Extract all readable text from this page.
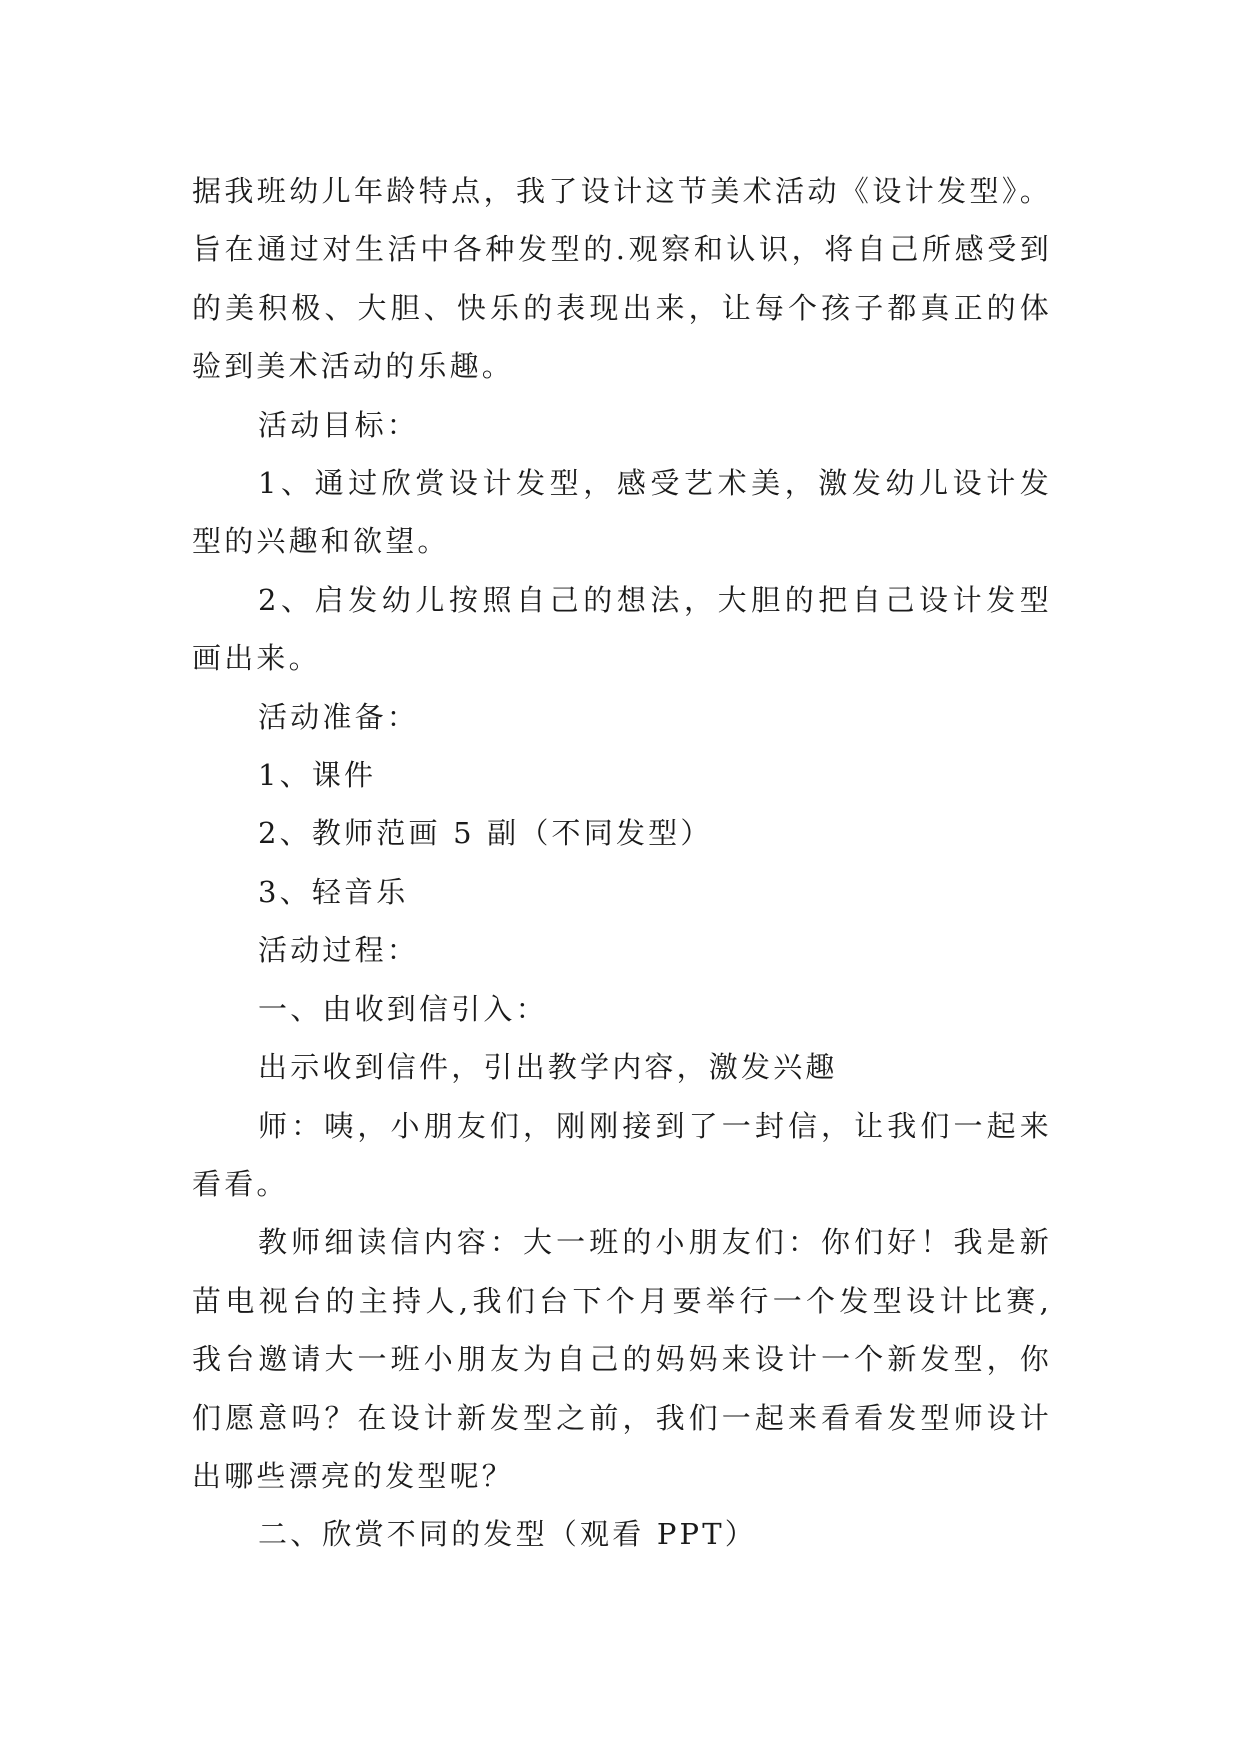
据我班幼儿年龄特点，我了设计这节美术活动《设计发型》。旨在通过对生活中各种发型的.观察和认识，将自己所感受到的美积极、大胆、快乐的表现出来，让每个孩子都真正的体验到美术活动的乐趣。

活动目标：

1、通过欣赏设计发型，感受艺术美，激发幼儿设计发型的兴趣和欲望。

2、启发幼儿按照自己的想法，大胆的把自己设计发型画出来。

活动准备：

1、课件

2、教师范画 5 副（不同发型）

3、轻音乐

活动过程：

一、由收到信引入：

出示收到信件，引出教学内容，激发兴趣

师：咦，小朋友们，刚刚接到了一封信，让我们一起来看看。

教师细读信内容：大一班的小朋友们：你们好！我是新苗电视台的主持人,我们台下个月要举行一个发型设计比赛,我台邀请大一班小朋友为自己的妈妈来设计一个新发型，你们愿意吗？在设计新发型之前，我们一起来看看发型师设计出哪些漂亮的发型呢？

二、欣赏不同的发型（观看 PPT）
